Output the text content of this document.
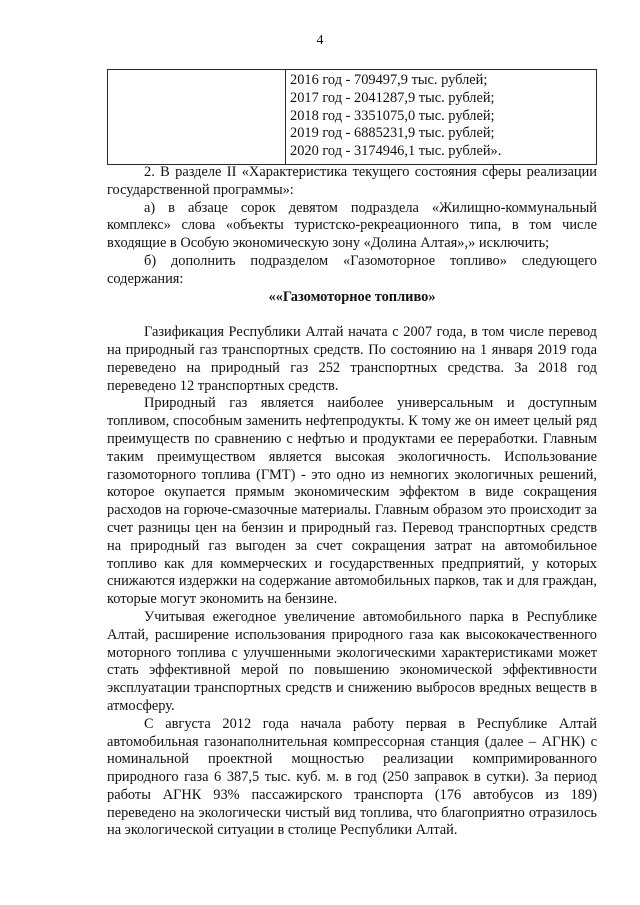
4

2016 год - 709497,9 тыс. рублей;
2017 год - 2041287,9 тыс. рублей;
2018 год - 3351075,0 тыс. рублей;
2019 год - 6885231,9 тыс. рублей;
2020 год - 3174946,1 тыс. рублей».

2. В разделе II «Характеристика текущего состояния сферы реализации государственной программы»:

а) в абзаце сорок девятом подраздела «Жилищно-коммунальный комплекс» слова «объекты туристско-рекреационного типа, в том числе входящие в Особую экономическую зону «Долина Алтая»,» исключить;

б) дополнить подразделом «Газомоторное топливо» следующего содержания:

««Газомоторное топливо»

Газификация Республики Алтай начата с 2007 года, в том числе перевод на природный газ транспортных средств. По состоянию на 1 января 2019 года переведено на природный газ 252 транспортных средства. За 2018 год переведено 12 транспортных средств.

Природный газ является наиболее универсальным и доступным топливом, способным заменить нефтепродукты. К тому же он имеет целый ряд преимуществ по сравнению с нефтью и продуктами ее переработки. Главным таким преимуществом является высокая экологичность. Использование газомоторного топлива (ГМТ) - это одно из немногих экологичных решений, которое окупается прямым экономическим эффектом в виде сокращения расходов на горюче-смазочные материалы. Главным образом это происходит за счет разницы цен на бензин и природный газ. Перевод транспортных средств на природный газ выгоден за счет сокращения затрат на автомобильное топливо как для коммерческих и государственных предприятий, у которых снижаются издержки на содержание автомобильных парков, так и для граждан, которые могут экономить на бензине.

Учитывая ежегодное увеличение автомобильного парка в Республике Алтай, расширение использования природного газа как высококачественного моторного топлива с улучшенными экологическими характеристиками может стать эффективной мерой по повышению экономической эффективности эксплуатации транспортных средств и снижению выбросов вредных веществ в атмосферу.

С августа 2012 года начала работу первая в Республике Алтай автомобильная газонаполнительная компрессорная станция (далее – АГНК) с номинальной проектной мощностью реализации компримированного природного газа 6 387,5 тыс. куб. м. в год (250 заправок в сутки). За период работы АГНК 93% пассажирского транспорта (176 автобусов из 189) переведено на экологически чистый вид топлива, что благоприятно отразилось на экологической ситуации в столице Республики Алтай.
